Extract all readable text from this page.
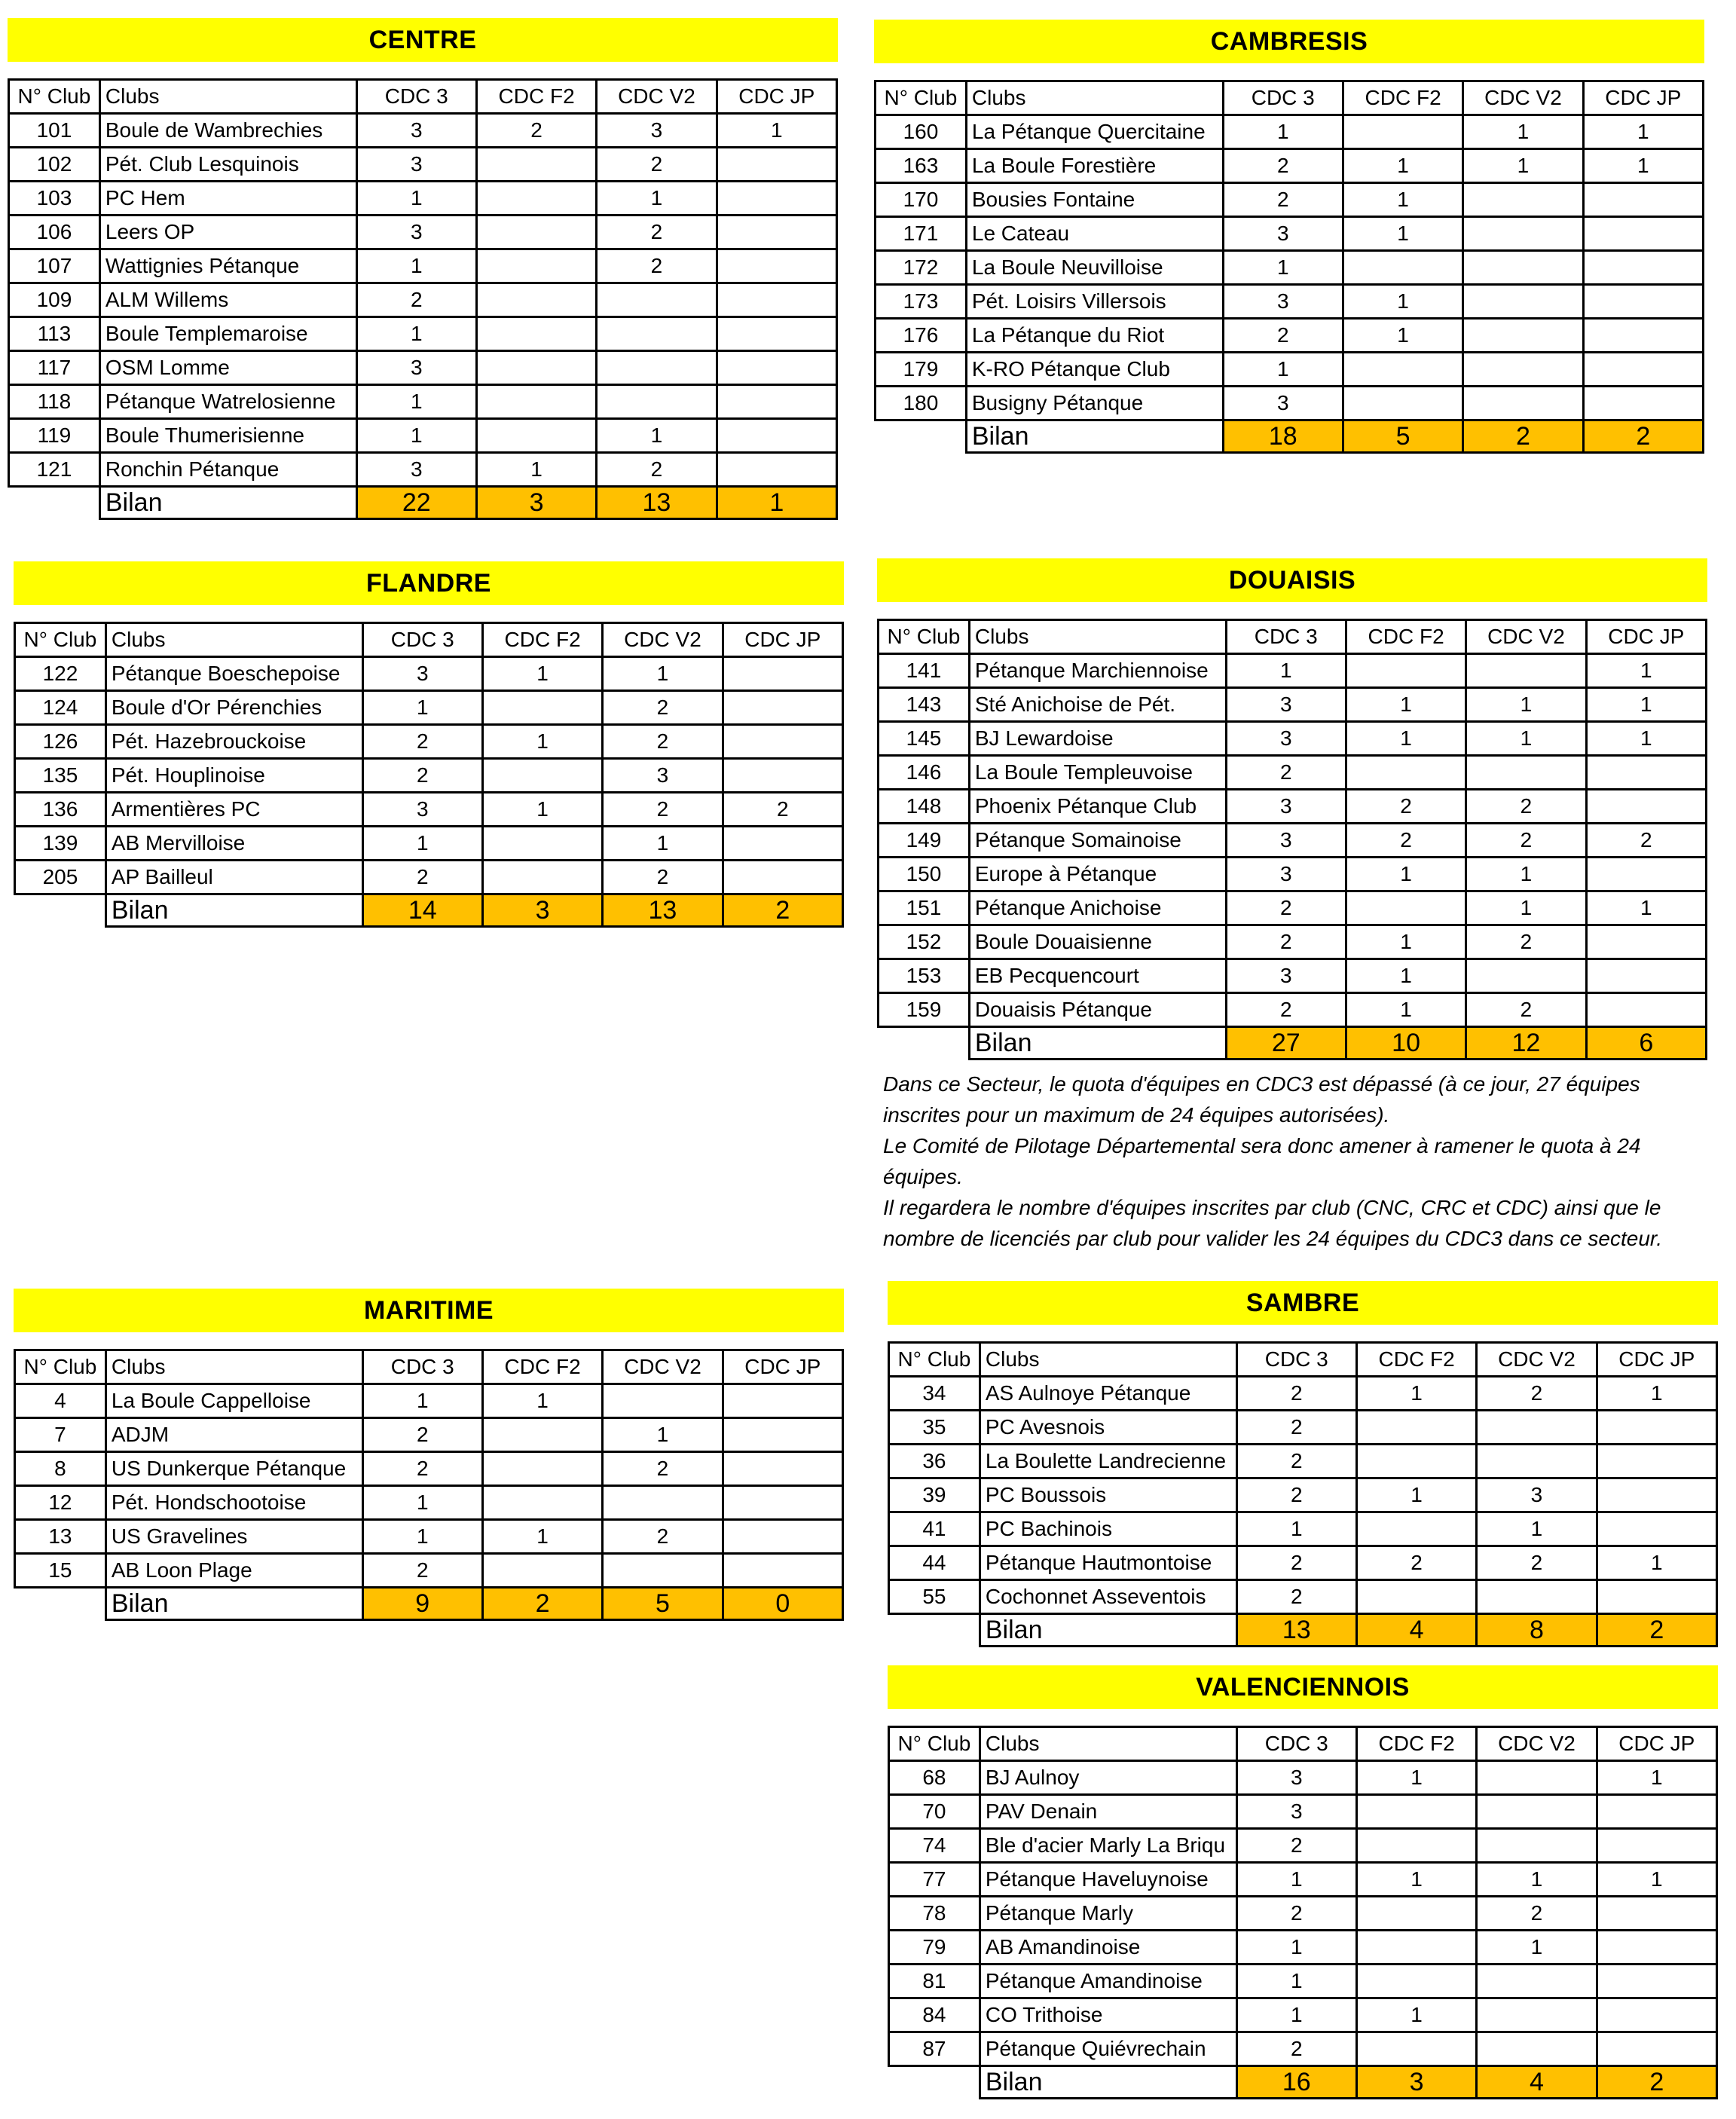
CENTRE
N° Club	Clubs	CDC 3	CDC F2	CDC V2	CDC JP
101	Boule de Wambrechies	3	2	3	1
102	Pét. Club Lesquinois	3		2	
103	PC Hem	1		1	
106	Leers OP	3		2	
107	Wattignies Pétanque	1		2	
109	ALM Willems	2			
113	Boule Templemaroise	1			
117	OSM Lomme	3			
118	Pétanque Watrelosienne	1			
119	Boule Thumerisienne	1		1	
121	Ronchin Pétanque	3	1	2	
	Bilan	22	3	13	1
CAMBRESIS
N° Club	Clubs	CDC 3	CDC F2	CDC V2	CDC JP
160	La Pétanque Quercitaine	1		1	1
163	La Boule Forestière	2	1	1	1
170	Bousies Fontaine	2	1		
171	Le Cateau	3	1		
172	La Boule Neuvilloise	1			
173	Pét. Loisirs Villersois	3	1		
176	La Pétanque du Riot	2	1		
179	K-RO Pétanque Club	1			
180	Busigny Pétanque	3			
	Bilan	18	5	2	2
FLANDRE
N° Club	Clubs	CDC 3	CDC F2	CDC V2	CDC JP
122	Pétanque Boeschepoise	3	1	1	
124	Boule d'Or Pérenchies	1		2	
126	Pét. Hazebrouckoise	2	1	2	
135	Pét. Houplinoise	2		3	
136	Armentières PC	3	1	2	2
139	AB Mervilloise	1		1	
205	AP Bailleul	2		2	
	Bilan	14	3	13	2
DOUAISIS
N° Club	Clubs	CDC 3	CDC F2	CDC V2	CDC JP
141	Pétanque Marchiennoise	1			1
143	Sté Anichoise de Pét.	3	1	1	1
145	BJ Lewardoise	3	1	1	1
146	La Boule Templeuvoise	2			
148	Phoenix Pétanque Club	3	2	2	
149	Pétanque Somainoise	3	2	2	2
150	Europe à Pétanque	3	1	1	
151	Pétanque Anichoise	2		1	1
152	Boule Douaisienne	2	1	2	
153	EB Pecquencourt	3	1		
159	Douaisis Pétanque	2	1	2	
	Bilan	27	10	12	6

Dans ce Secteur, le quota d'équipes en CDC3 est dépassé (à ce jour, 27 équipes

inscrites pour un maximum de 24 équipes autorisées).

Le Comité de Pilotage Départemental sera donc amener à ramener le quota à 24

équipes.

Il regardera le nombre d'équipes inscrites par club (CNC, CRC et CDC) ainsi que le

nombre de licenciés par club pour valider les 24 équipes du CDC3 dans ce secteur.

MARITIME
N° Club	Clubs	CDC 3	CDC F2	CDC V2	CDC JP
4	La Boule Cappelloise	1	1		
7	ADJM	2		1	
8	US Dunkerque Pétanque	2		2	
12	Pét. Hondschootoise	1			
13	US Gravelines	1	1	2	
15	AB Loon Plage	2			
	Bilan	9	2	5	0
SAMBRE
N° Club	Clubs	CDC 3	CDC F2	CDC V2	CDC JP
34	AS Aulnoye Pétanque	2	1	2	1
35	PC Avesnois	2			
36	La Boulette Landrecienne	2			
39	PC Boussois	2	1	3	
41	PC Bachinois	1		1	
44	Pétanque Hautmontoise	2	2	2	1
55	Cochonnet Asseventois	2			
	Bilan	13	4	8	2
VALENCIENNOIS
N° Club	Clubs	CDC 3	CDC F2	CDC V2	CDC JP
68	BJ Aulnoy	3	1		1
70	PAV Denain	3			
74	Ble d'acier Marly La Briqu	2			
77	Pétanque Haveluynoise	1	1	1	1
78	Pétanque Marly	2		2	
79	AB Amandinoise	1		1	
81	Pétanque Amandinoise	1			
84	CO Trithoise	1	1		
87	Pétanque Quiévrechain	2			
	Bilan	16	3	4	2
